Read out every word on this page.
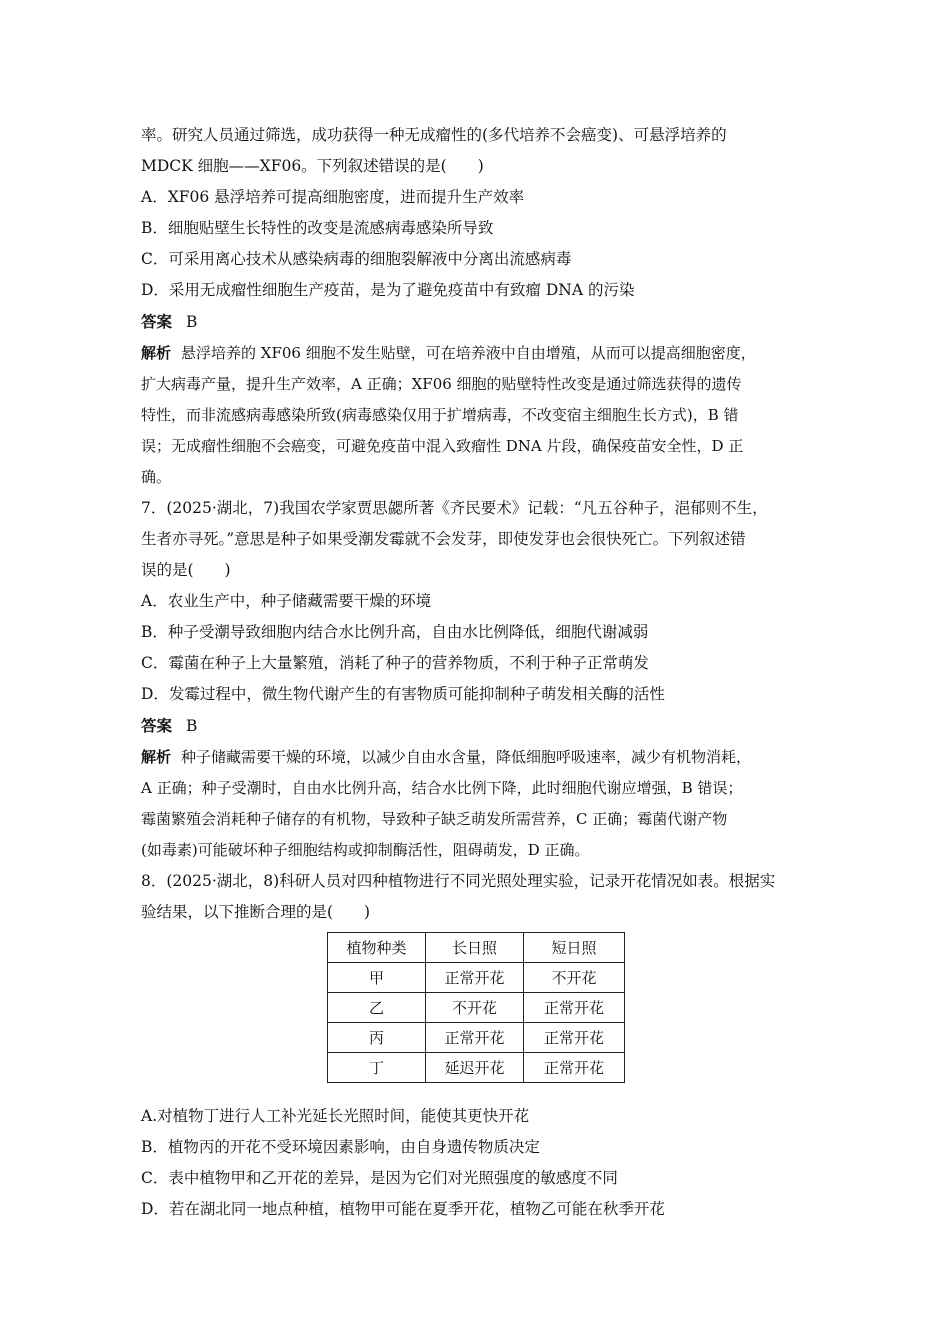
率。研究人员通过筛选，成功获得一种无成瘤性的(多代培养不会癌变)、可悬浮培养的
MDCK 细胞——XF06。下列叙述错误的是(　　)
A．XF06 悬浮培养可提高细胞密度，进而提升生产效率
B．细胞贴壁生长特性的改变是流感病毒感染所导致
C．可采用离心技术从感染病毒的细胞裂解液中分离出流感病毒
D．采用无成瘤性细胞生产疫苗，是为了避免疫苗中有致瘤 DNA 的污染
答案 B
解析 悬浮培养的 XF06 细胞不发生贴壁，可在培养液中自由增殖，从而可以提高细胞密度，
扩大病毒产量，提升生产效率，A 正确；XF06 细胞的贴壁特性改变是通过筛选获得的遗传
特性，而非流感病毒感染所致(病毒感染仅用于扩增病毒，不改变宿主细胞生长方式)，B 错
误；无成瘤性细胞不会癌变，可避免疫苗中混入致瘤性 DNA 片段，确保疫苗安全性，D 正
确。
7．(2025·湖北，7)我国农学家贾思勰所著《齐民要术》记载：“凡五谷种子，浥郁则不生，
生者亦寻死。”意思是种子如果受潮发霉就不会发芽，即使发芽也会很快死亡。下列叙述错
误的是(　　)
A．农业生产中，种子储藏需要干燥的环境
B．种子受潮导致细胞内结合水比例升高，自由水比例降低，细胞代谢减弱
C．霉菌在种子上大量繁殖，消耗了种子的营养物质，不利于种子正常萌发
D．发霉过程中，微生物代谢产生的有害物质可能抑制种子萌发相关酶的活性
答案 B
解析 种子储藏需要干燥的环境，以减少自由水含量，降低细胞呼吸速率，减少有机物消耗，
A 正确；种子受潮时，自由水比例升高，结合水比例下降，此时细胞代谢应增强，B 错误；
霉菌繁殖会消耗种子储存的有机物，导致种子缺乏萌发所需营养，C 正确；霉菌代谢产物
(如毒素)可能破坏种子细胞结构或抑制酶活性，阻碍萌发，D 正确。
8．(2025·湖北，8)科研人员对四种植物进行不同光照处理实验，记录开花情况如表。根据实
验结果，以下推断合理的是(　　)
植物种类	长日照	短日照
甲	正常开花	不开花
乙	不开花	正常开花
丙	正常开花	正常开花
丁	延迟开花	正常开花
A.对植物丁进行人工补光延长光照时间，能使其更快开花
B．植物丙的开花不受环境因素影响，由自身遗传物质决定
C．表中植物甲和乙开花的差异，是因为它们对光照强度的敏感度不同
D．若在湖北同一地点种植，植物甲可能在夏季开花，植物乙可能在秋季开花
